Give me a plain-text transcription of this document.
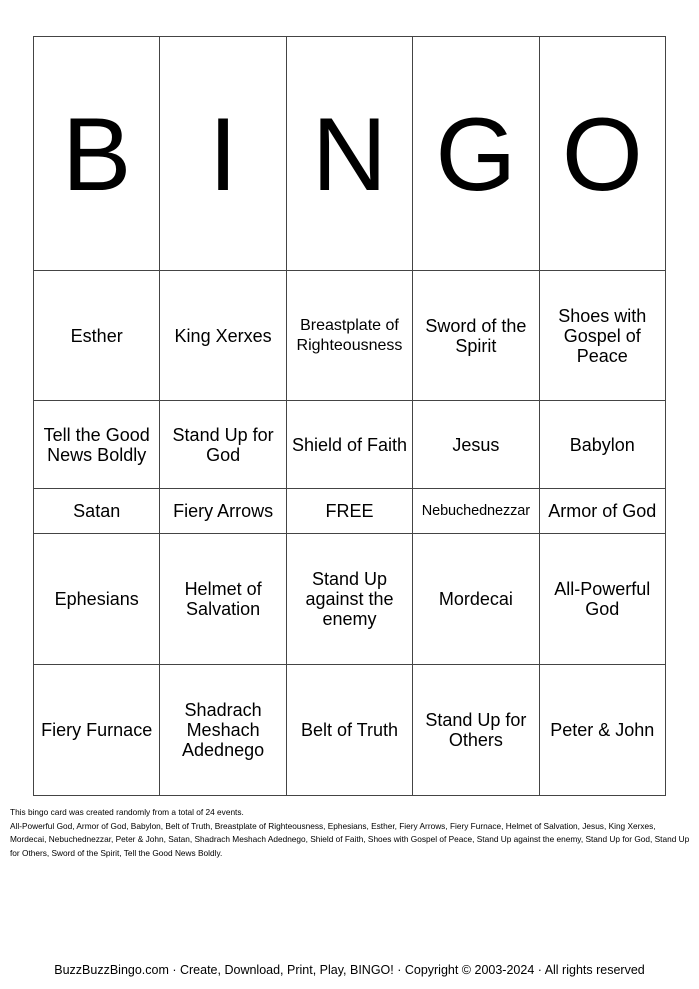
B	I	N	G	O
Esther	King Xerxes	Breastplate of Righteousness	Sword of the Spirit	Shoes with Gospel of Peace
Tell the Good News Boldly	Stand Up for God	Shield of Faith	Jesus	Babylon
Satan	Fiery Arrows	FREE	Nebuchednezzar	Armor of God
Ephesians	Helmet of Salvation	Stand Up against the enemy	Mordecai	All-Powerful God
Fiery Furnace	Shadrach Meshach Adednego	Belt of Truth	Stand Up for Others	Peter & John

This bingo card was created randomly from a total of 24 events.

All-Powerful God, Armor of God, Babylon, Belt of Truth, Breastplate of Righteousness, Ephesians, Esther, Fiery Arrows, Fiery Furnace, Helmet of Salvation, Jesus, King Xerxes, Mordecai, Nebuchednezzar, Peter & John, Satan, Shadrach Meshach Adednego, Shield of Faith, Shoes with Gospel of Peace, Stand Up against the enemy, Stand Up for God, Stand Up for Others, Sword of the Spirit, Tell the Good News Boldly.

BuzzBuzzBingo.com · Create, Download, Print, Play, BINGO! · Copyright © 2003-2024 · All rights reserved
